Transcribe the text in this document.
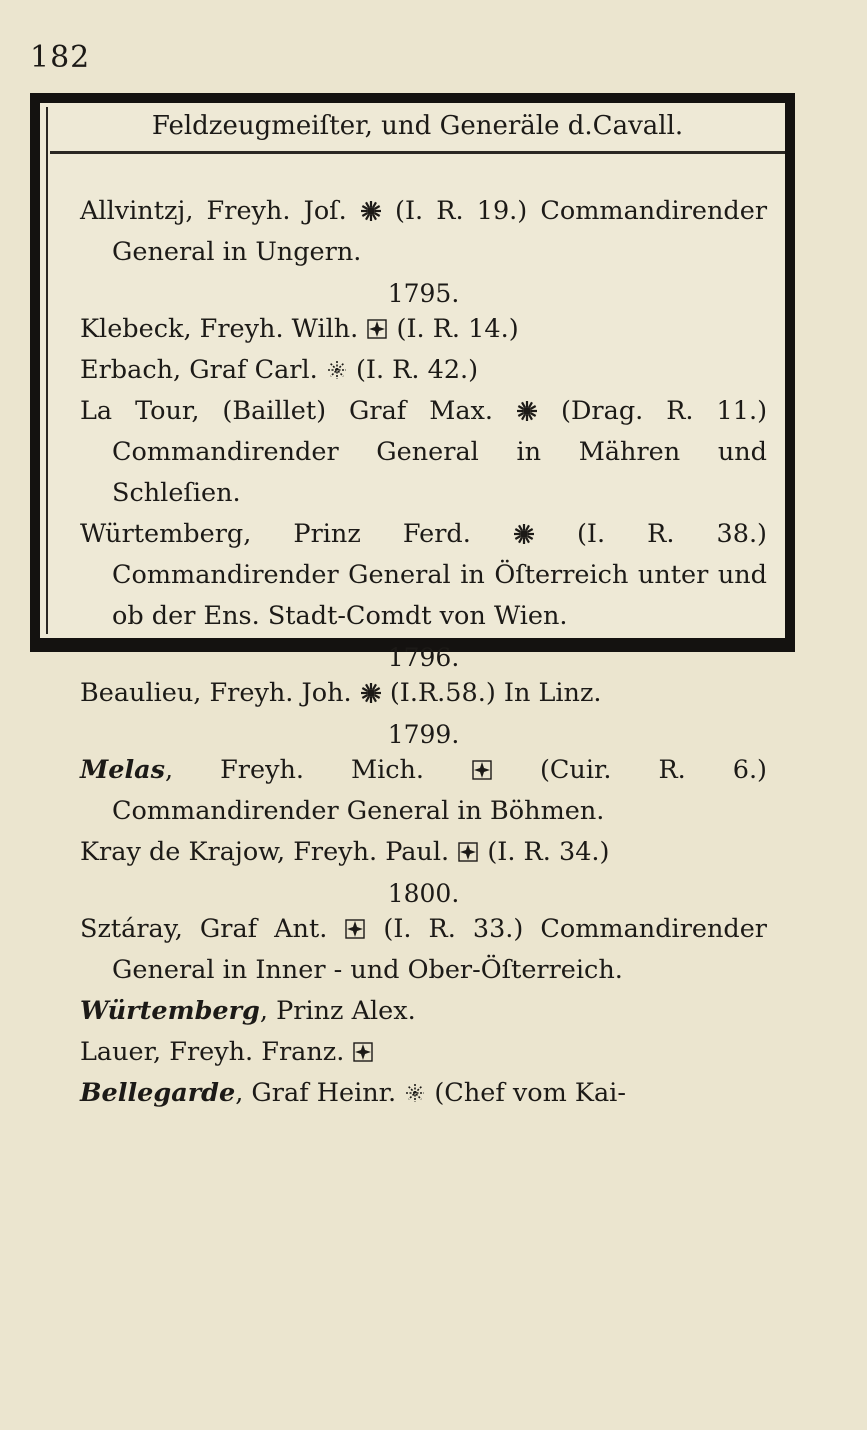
182
Feldzeugmeiſter, und Generäle d.Cavall.
Allvintzj, Freyh. Joſ.  (I. R. 19.) Commandirender General in Ungern.
1795.
Klebeck, Freyh. Wilh.  (I. R. 14.)
Erbach, Graf Carl.  (I. R. 42.)
La Tour, (Baillet) Graf Max.  (Drag. R. 11.) Commandirender General in Mähren und Schleſien.
Würtemberg, Prinz Ferd.	(I. R. 38.) Commandirender General in Öſterreich unter und ob der Ens. Stadt-Comdt von Wien.
1796.
Beaulieu, Freyh. Joh.  (I.R.58.) In Linz.
1799.
Melas, Freyh. Mich.	(Cuir. R. 6.) Commandirender General in Böhmen.
Kray de Krajow, Freyh. Paul.  (I. R. 34.)
1800.
Sztáray, Graf Ant.  (I. R. 33.) Commandirender General in Inner - und Ober-Öſterreich.
Würtemberg, Prinz Alex.
Lauer, Freyh. Franz.
Bellegarde, Graf Heinr.  (Chef vom Kai-
